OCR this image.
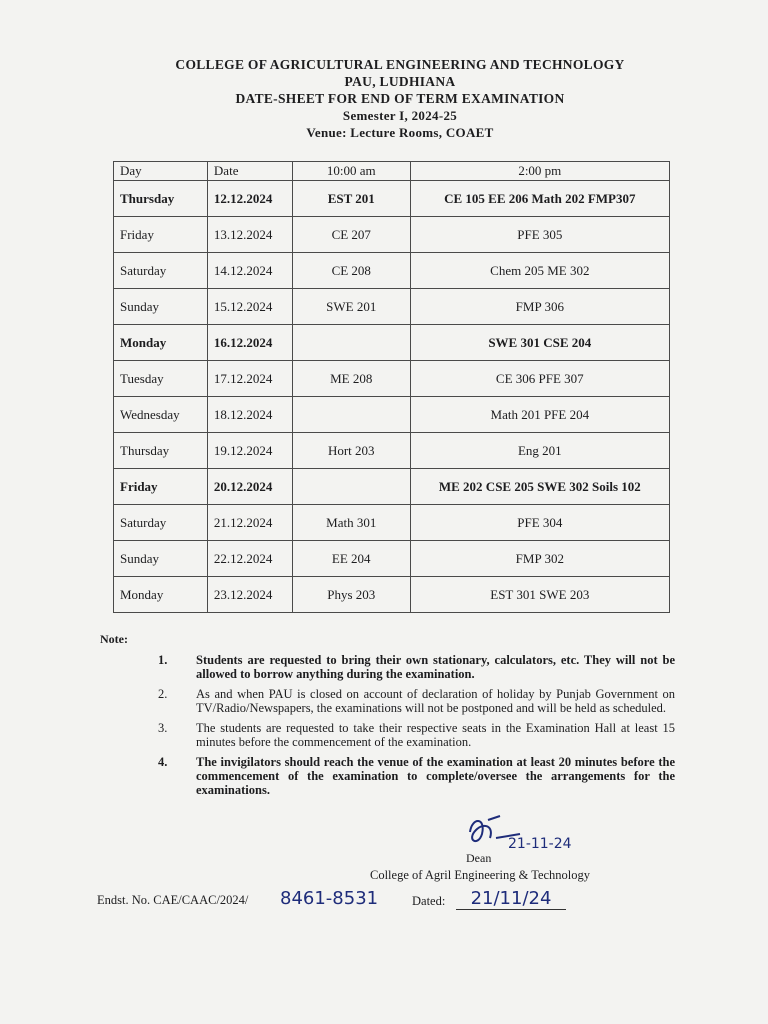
COLLEGE OF AGRICULTURAL ENGINEERING AND TECHNOLOGY
PAU, LUDHIANA
DATE-SHEET FOR END OF TERM EXAMINATION
Semester I, 2024-25
Venue: Lecture Rooms, COAET
Day	Date	10:00 am	2:00 pm
Thursday	12.12.2024	EST 201	CE 105 EE 206 Math 202 FMP307
Friday	13.12.2024	CE 207	PFE 305
Saturday	14.12.2024	CE 208	Chem 205 ME 302
Sunday	15.12.2024	SWE 201	FMP 306
Monday	16.12.2024		SWE 301 CSE 204
Tuesday	17.12.2024	ME 208	CE 306 PFE 307
Wednesday	18.12.2024		Math 201 PFE 204
Thursday	19.12.2024	Hort 203	Eng 201
Friday	20.12.2024		ME 202 CSE 205 SWE 302 Soils 102
Saturday	21.12.2024	Math 301	PFE 304
Sunday	22.12.2024	EE 204	FMP 302
Monday	23.12.2024	Phys 203	EST 301 SWE 203
Note:
1. Students are requested to bring their own stationary, calculators, etc. They will not be allowed to borrow anything during the examination.
2. As and when PAU is closed on account of declaration of holiday by Punjab Government on TV/Radio/Newspapers, the examinations will not be postponed and will be held as scheduled.
3. The students are requested to take their respective seats in the Examination Hall at least 15 minutes before the commencement of the examination.
4. The invigilators should reach the venue of the examination at least 20 minutes before the commencement of the examination to complete/oversee the arrangements for the examinations.
21-11-24
Dean
College of Agril Engineering & Technology
Endst. No. CAE/CAAC/2024/ 8461-8531	Dated:	21/11/24
